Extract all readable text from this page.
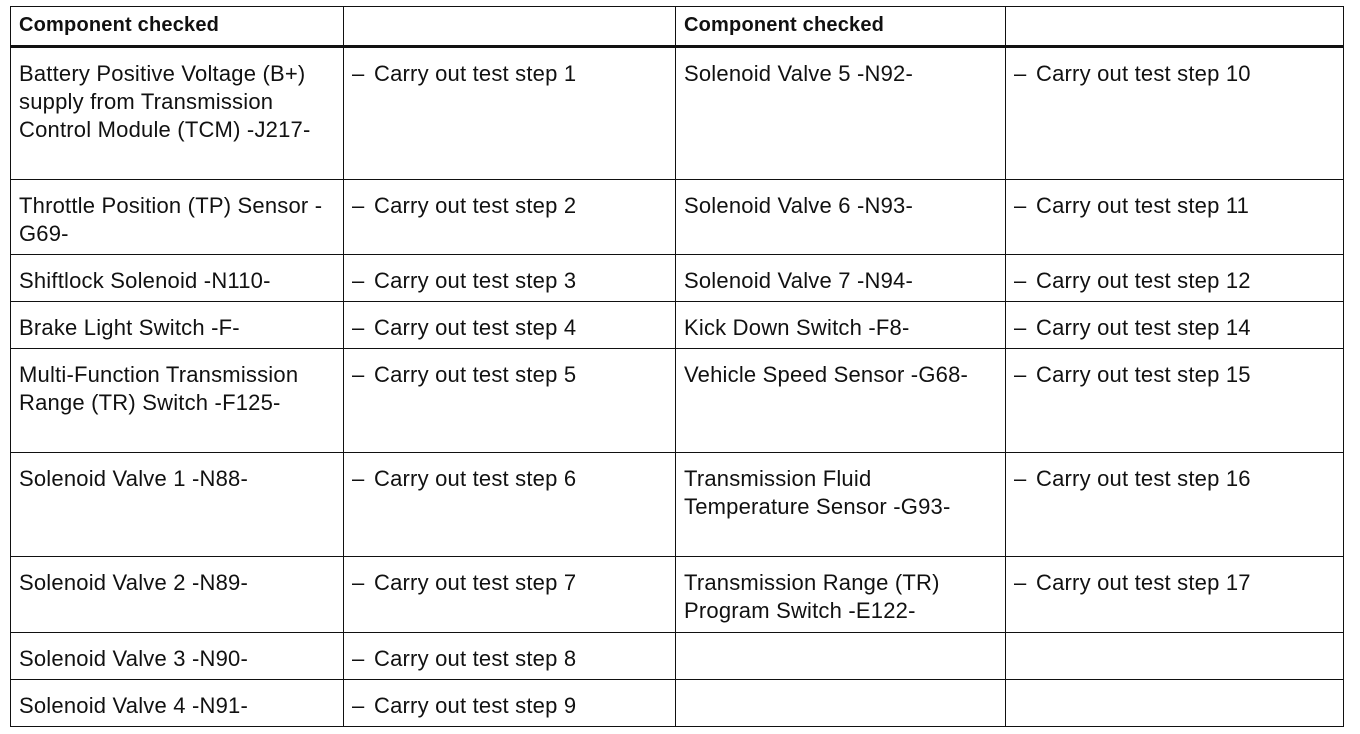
Component checked		Component checked	
Battery Positive Voltage (B+) supply from Transmission Control Module (TCM) -J217-	– Carry out test step 1	Solenoid Valve 5 -N92-	– Carry out test step 10
Throttle Position (TP) Sensor -G69-	– Carry out test step 2	Solenoid Valve 6 -N93-	– Carry out test step 11
Shiftlock Solenoid -N110-	– Carry out test step 3	Solenoid Valve 7 -N94-	– Carry out test step 12
Brake Light Switch -F-	– Carry out test step 4	Kick Down Switch -F8-	– Carry out test step 14
Multi-Function Transmission Range (TR) Switch -F125-	– Carry out test step 5	Vehicle Speed Sensor -G68-	– Carry out test step 15
Solenoid Valve 1 -N88-	– Carry out test step 6	Transmission Fluid Temperature Sensor -G93-	– Carry out test step 16
Solenoid Valve 2 -N89-	– Carry out test step 7	Transmission Range (TR) Program Switch -E122-	– Carry out test step 17
Solenoid Valve 3 -N90-	– Carry out test step 8		
Solenoid Valve 4 -N91-	– Carry out test step 9		
